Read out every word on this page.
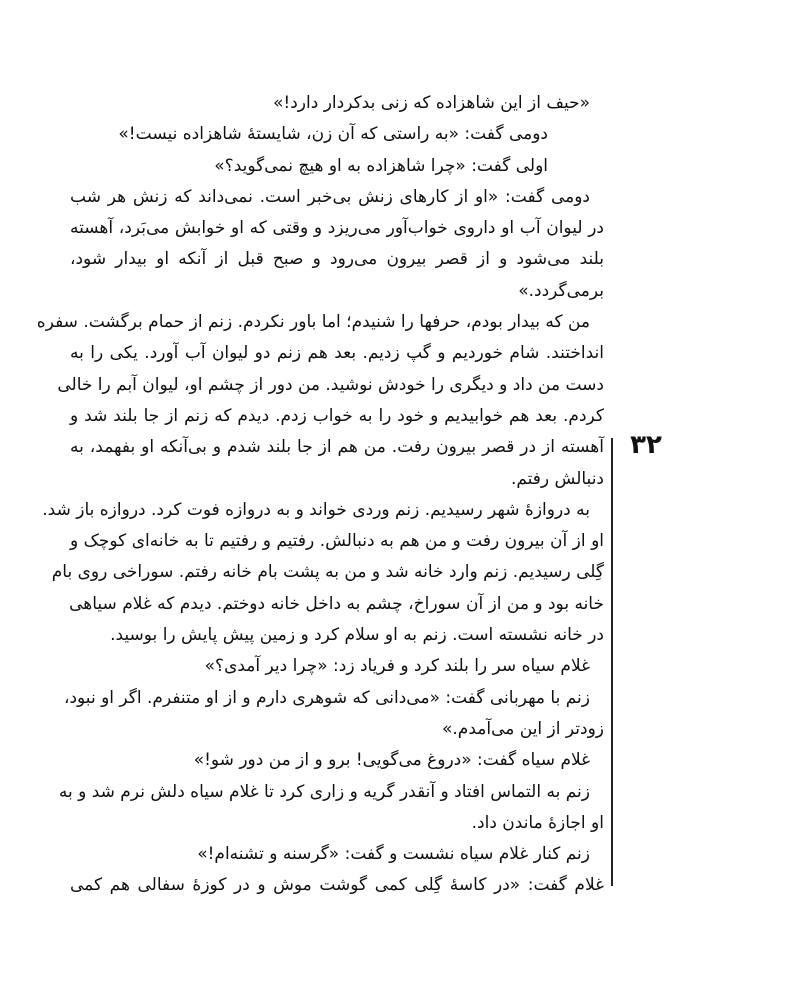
«حیف از این شاهزاده که زنی بدکردار دارد!»
دومی گفت: «به راستی که آن زن، شایستهٔ شاهزاده نیست!»
اولی گفت: «چرا شاهزاده به او هیچ نمی‌گوید؟»
دومی گفت: «او از کارهای زنش بی‌خبر است. نمی‌داند که زنش هر شب
در لیوان آب او داروی خواب‌آور می‌ریزد و وقتی که او خوابش می‌بَرد، آهسته
بلند می‌شود و از قصر بیرون می‌رود و صبح قبل از آنکه او بیدار شود،
برمی‌گردد.»
من که بیدار بودم، حرفها را شنیدم؛ اما باور نکردم. زنم از حمام برگشت. سفره
انداختند. شام خوردیم و گپ زدیم. بعد هم زنم دو لیوان آب آورد. یکی را به
دست من داد و دیگری را خودش نوشید. من دور از چشم او، لیوان آبم را خالی
کردم. بعد هم خوابیدیم و خود را به خواب زدم. دیدم که زنم از جا بلند شد و
آهسته از در قصر بیرون رفت. من هم از جا بلند شدم و بی‌آنکه او بفهمد، به
دنبالش رفتم.
به دروازهٔ شهر رسیدیم. زنم وردی خواند و به دروازه فوت کرد. دروازه باز شد.
او از آن بیرون رفت و من هم به دنبالش. رفتیم و رفتیم تا به خانه‌ای کوچک و
گِلی رسیدیم. زنم وارد خانه شد و من به پشت بام خانه رفتم. سوراخی روی بام
خانه بود و من از آن سوراخ، چشم به داخل خانه دوختم. دیدم که غلام سیاهی
در خانه نشسته است. زنم به او سلام کرد و زمین پیش پایش را بوسید.
غلام سیاه سر را بلند کرد و فریاد زد: «چرا دیر آمدی؟»
زنم با مهربانی گفت: «می‌دانی که شوهری دارم و از او متنفرم. اگر او نبود،
زودتر از این می‌آمدم.»
غلام سیاه گفت: «دروغ می‌گویی! برو و از من دور شو!»
زنم به التماس افتاد و آنقدر گریه و زاری کرد تا غلام سیاه دلش نرم شد و به
او اجازهٔ ماندن داد.
زنم کنار غلام سیاه نشست و گفت: «گرسنه و تشنه‌ام!»
غلام گفت: «در کاسهٔ گِلی کمی گوشت موش و در کوزهٔ سفالی هم کمی
۳۲
